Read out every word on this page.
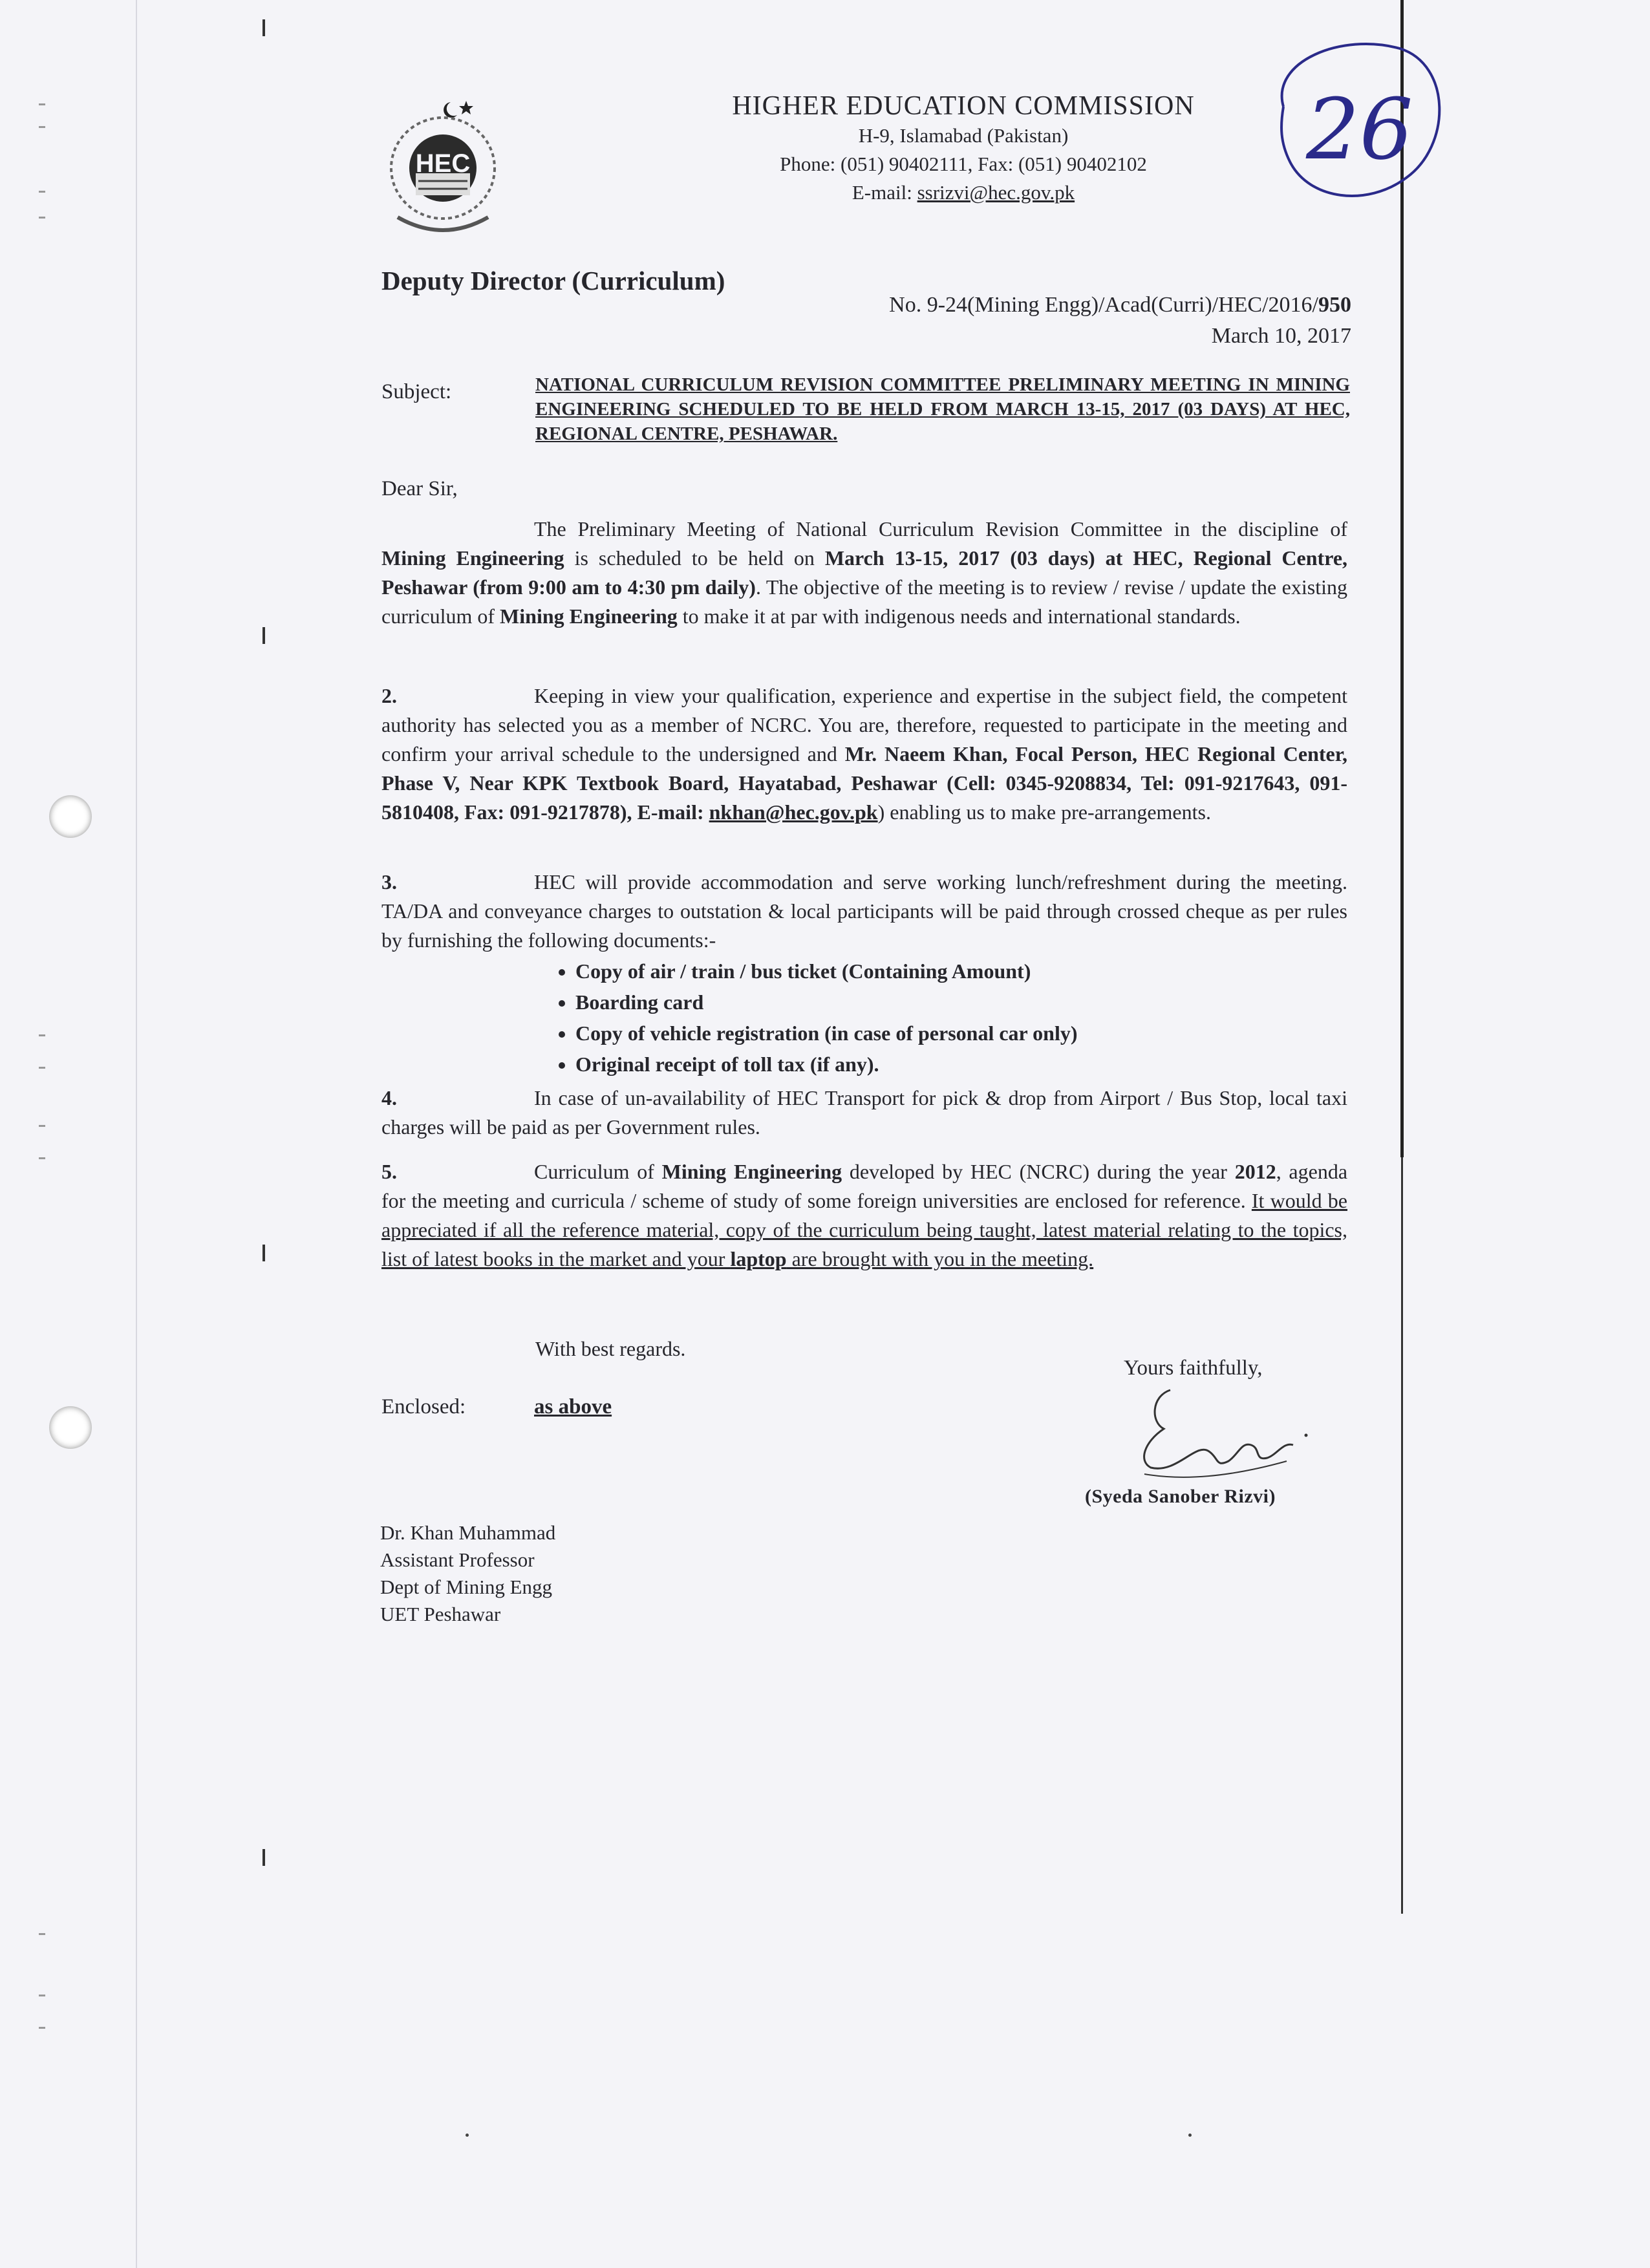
HEC
HIGHER EDUCATION COMMISSION
H-9, Islamabad (Pakistan)
Phone: (051) 90402111, Fax: (051) 90402102
E-mail: ssrizvi@hec.gov.pk
26
Deputy Director (Curriculum)
No. 9-24(Mining Engg)/Acad(Curri)/HEC/2016/950
March 10, 2017
Subject:	NATIONAL CURRICULUM REVISION COMMITTEE PRELIMINARY MEETING IN MINING ENGINEERING SCHEDULED TO BE HELD FROM MARCH 13-15, 2017 (03 DAYS) AT HEC, REGIONAL CENTRE, PESHAWAR.
Dear Sir,
The Preliminary Meeting of National Curriculum Revision Committee in the discipline of Mining Engineering is scheduled to be held on March 13-15, 2017 (03 days) at HEC, Regional Centre, Peshawar (from 9:00 am to 4:30 pm daily). The objective of the meeting is to review / revise / update the existing curriculum of Mining Engineering to make it at par with indigenous needs and international standards.
2.	Keeping in view your qualification, experience and expertise in the subject field, the competent authority has selected you as a member of NCRC. You are, therefore, requested to participate in the meeting and confirm your arrival schedule to the undersigned and Mr. Naeem Khan, Focal Person, HEC Regional Center, Phase V, Near KPK Textbook Board, Hayatabad, Peshawar (Cell: 0345-9208834, Tel: 091-9217643, 091-5810408, Fax: 091-9217878), E-mail: nkhan@hec.gov.pk) enabling us to make pre-arrangements.
3.	HEC will provide accommodation and serve working lunch/refreshment during the meeting. TA/DA and conveyance charges to outstation & local participants will be paid through crossed cheque as per rules by furnishing the following documents:-
• Copy of air / train / bus ticket (Containing Amount)
• Boarding card
• Copy of vehicle registration (in case of personal car only)
• Original receipt of toll tax (if any).
4.	In case of un-availability of HEC Transport for pick & drop from Airport / Bus Stop, local taxi charges will be paid as per Government rules.
5.	Curriculum of Mining Engineering developed by HEC (NCRC) during the year 2012, agenda for the meeting and curricula / scheme of study of some foreign universities are enclosed for reference. It would be appreciated if all the reference material, copy of the curriculum being taught, latest material relating to the topics, list of latest books in the market and your laptop are brought with you in the meeting.
With best regards.
Yours faithfully,
Enclosed:	as above
(Syeda Sanober Rizvi)
Dr. Khan Muhammad
Assistant Professor
Dept of Mining Engg
UET Peshawar
